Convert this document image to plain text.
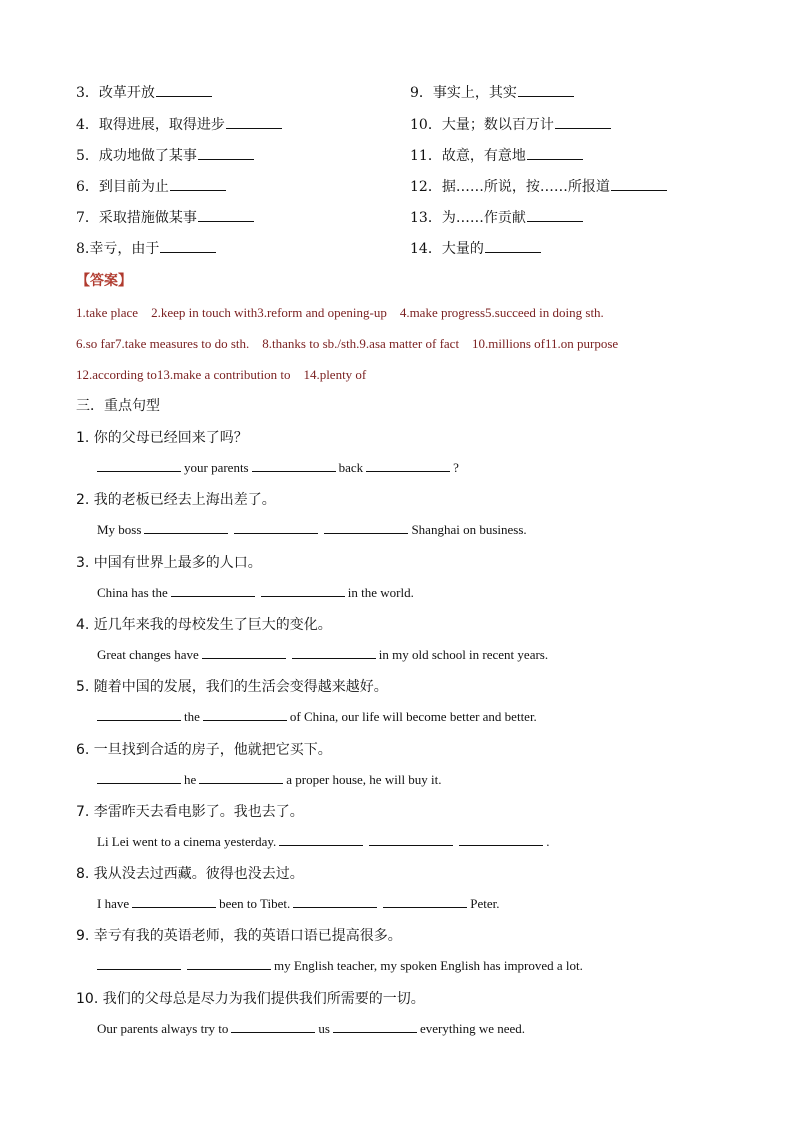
3．改革开放
4．取得进展，取得进步
5．成功地做了某事
6．到目前为止
7．采取措施做某事
8.幸亏，由于
9．事实上，其实
10．大量；数以百万计
11．故意，有意地
12．据……所说，按……所报道
13．为……作贡献
14．大量的
【答案】
1.take place　2.keep in touch with3.reform and opening-up　4.make progress5.succeed in doing sth.
6.so far7.take measures to do sth.　8.thanks to sb./sth.9.asa matter of fact　10.millions of11.on purpose
12.according to13.make a contribution to　14.plenty of
三．重点句型
1. 你的父母已经回来了吗？
your parents	back	?
2. 我的老板已经去上海出差了。
My boss	Shanghai on business.
3. 中国有世界上最多的人口。
China has the	in the world.
4. 近几年来我的母校发生了巨大的变化。
Great changes have	in my old school in recent years.
5. 随着中国的发展，我们的生活会变得越来越好。
the	of China, our life will become better and better.
6. 一旦找到合适的房子，他就把它买下。
he	a proper house, he will buy it.
7. 李雷昨天去看电影了。我也去了。
Li Lei went to a cinema yesterday.	.
8. 我从没去过西藏。彼得也没去过。
I have	been to Tibet.	Peter.
9. 幸亏有我的英语老师，我的英语口语已提高很多。
my English teacher, my spoken English has improved a lot.
10. 我们的父母总是尽力为我们提供我们所需要的一切。
Our parents always try to	us	everything we need.
